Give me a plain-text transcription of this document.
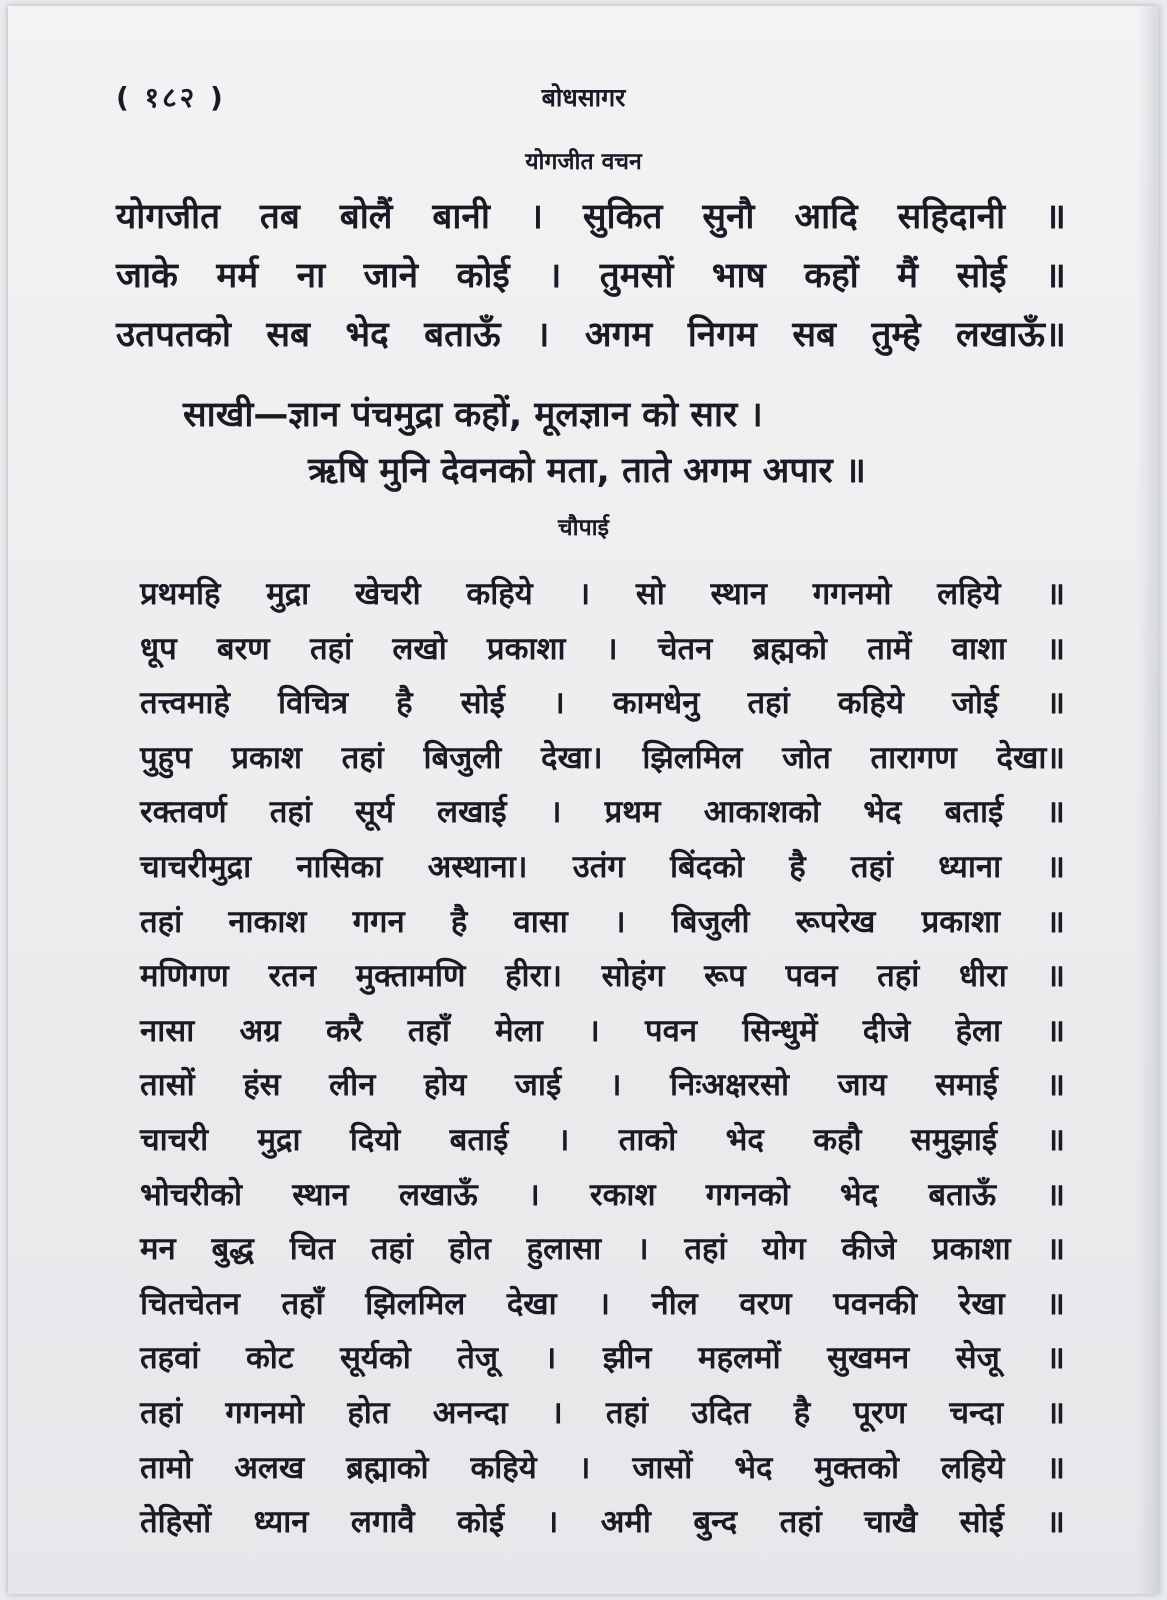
( १८२ )	बोधसागर
योगजीत वचन
योगजीत तब बोलैं बानी । सुकित सुनौ आदि सहिदानी ॥
जाके मर्म ना जाने कोई । तुमसों भाष कहों मैं सोई ॥
उतपतको सब भेद बताऊँ । अगम निगम सब तुम्हे लखाऊँ॥
साखी—ज्ञान पंचमुद्रा कहों, मूलज्ञान को सार ।
ऋषि मुनि देवनको मता, ताते अगम अपार ॥
चौपाई
प्रथमहि मुद्रा खेचरी कहिये । सो स्थान गगनमो लहिये ॥
धूप बरण तहां लखो प्रकाशा । चेतन ब्रह्मको तामें वाशा ॥
तत्त्वमाहे विचित्र है सोई । कामधेनु तहां कहिये जोई ॥
पुहुप प्रकाश तहां बिजुली देखा। झिलमिल जोत तारागण देखा॥
रक्तवर्ण तहां सूर्य लखाई । प्रथम आकाशको भेद बताई ॥
चाचरीमुद्रा नासिका अस्थाना। उतंग बिंदको है तहां ध्याना ॥
तहां नाकाश गगन है वासा । बिजुली रूपरेख प्रकाशा ॥
मणिगण रतन मुक्तामणि हीरा। सोहंग रूप पवन तहां धीरा ॥
नासा अग्र करै तहाँ मेला । पवन सिन्धुमें दीजे हेला ॥
तासों हंस लीन होय जाई । निःअक्षरसो जाय समाई ॥
चाचरी मुद्रा दियो बताई । ताको भेद कहौ समुझाई ॥
भोचरीको स्थान लखाऊँ । रकाश गगनको भेद बताऊँ ॥
मन बुद्ध चित तहां होत हुलासा । तहां योग कीजे प्रकाशा ॥
चितचेतन तहाँ झिलमिल देखा । नील वरण पवनकी रेखा ॥
तहवां कोट सूर्यको तेजू । झीन महलमों सुखमन सेजू ॥
तहां गगनमो होत अनन्दा । तहां उदित है पूरण चन्दा ॥
तामो अलख ब्रह्माको कहिये । जासों भेद मुक्तको लहिये ॥
तेहिसों ध्यान लगावै कोई । अमी बुन्द तहां चाखै सोई ॥
